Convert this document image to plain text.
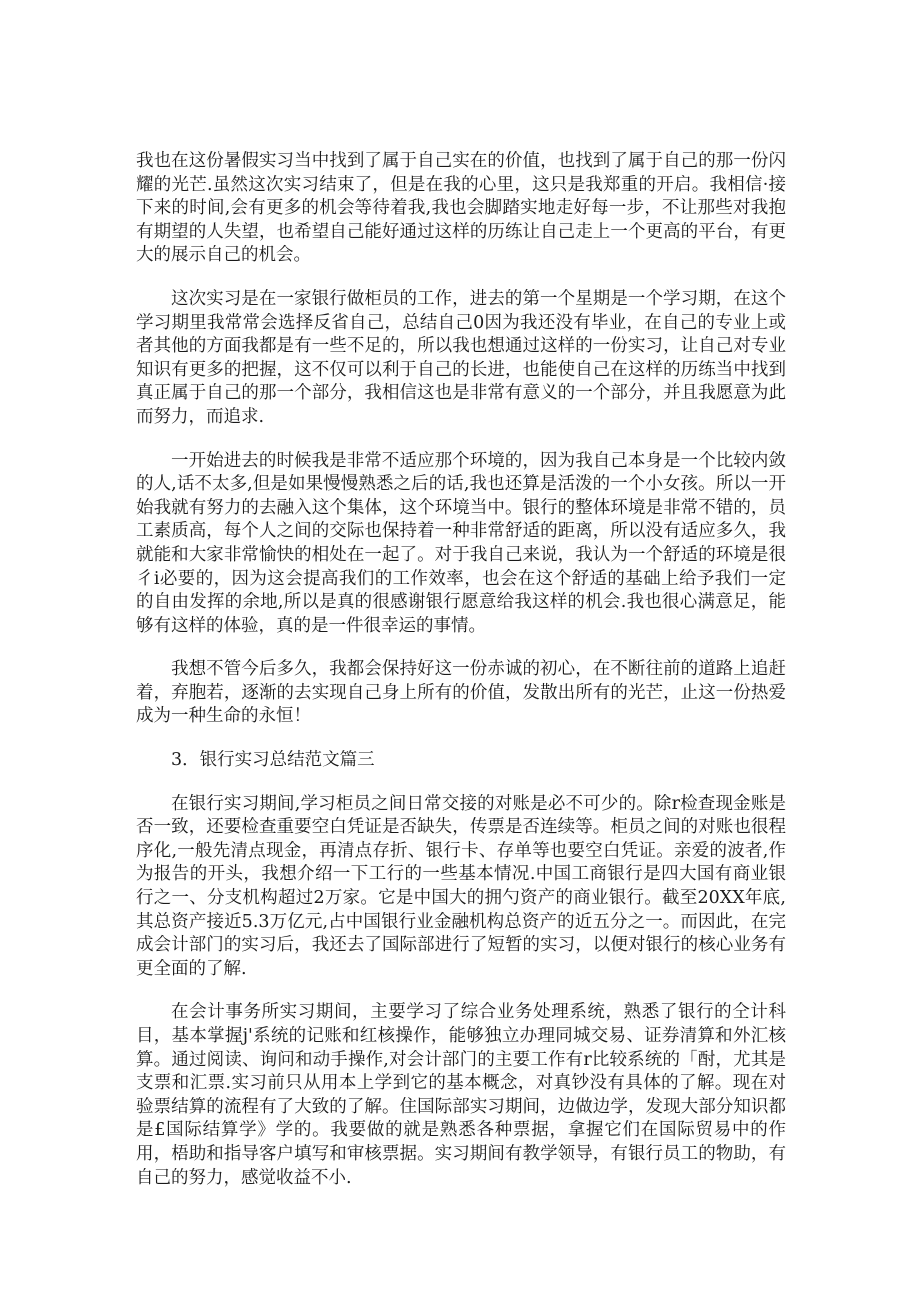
我也在这份暑假实习当中找到了属于自己实在的价值，也找到了属于自己的那一份闪耀的光芒.虽然这次实习结束了，但是在我的心里，这只是我郑重的开启。我相信·接下来的时间,会有更多的机会等待着我,我也会脚踏实地走好每一步，不让那些对我抱有期望的人失望，也希望自己能好通过这样的历练让自己走上一个更高的平台，有更大的展示自己的机会。

这次实习是在一家银行做柜员的工作，进去的第一个星期是一个学习期，在这个学习期里我常常会选择反省自己，总结自己0因为我还没有毕业，在自己的专业上或者其他的方面我都是有一些不足的，所以我也想通过这样的一份实习，让自己对专业知识有更多的把握，这不仅可以利于自己的长进，也能使自己在这样的历练当中找到真正属于自己的那一个部分，我相信这也是非常有意义的一个部分，并且我愿意为此而努力，而追求.

一开始进去的时候我是非常不适应那个环境的，因为我自己本身是一个比较内敛的人,话不太多,但是如果慢慢熟悉之后的话,我也还算是活泼的一个小女孩。所以一开始我就有努力的去融入这个集体，这个环境当中。银行的整体环境是非常不错的，员工素质高，每个人之间的交际也保持着一种非常舒适的距离，所以没有适应多久，我就能和大家非常愉快的相处在一起了。对于我自己来说，我认为一个舒适的环境是很彳i必要的，因为这会提高我们的工作效率，也会在这个舒适的基础上给予我们一定的自由发挥的余地,所以是真的很感谢银行愿意给我这样的机会.我也很心满意足，能够有这样的体验，真的是一件很幸运的事情。

我想不管今后多久，我都会保持好这一份赤诚的初心，在不断往前的道路上追赶着，弃胞若，逐渐的去实现自己身上所有的价值，发散出所有的光芒，止这一份热爱成为一种生命的永恒！

3．银行实习总结范文篇三

在银行实习期间,学习柜员之间日常交接的对账是必不可少的。除r检查现金账是否一致，还要检查重要空白凭证是否缺失，传票是否连续等。柜员之间的对账也很程序化,一般先清点现金，再清点存折、银行卡、存单等也要空白凭证。亲爱的波者,作为报告的开头，我想介绍一下工行的一些基本情况.中国工商银行是四大国有商业银行之一、分支机构超过2万家。它是中国大的拥勺资产的商业银行。截至20XX年底,其总资产接近5.3万亿元,占中国银行业金融机构总资产的近五分之一。而因此，在完成会计部门的实习后，我还去了国际部进行了短暂的实习，以便对银行的核心业务有更全面的了解.

在会计事务所实习期间，主要学习了综合业务处理系统，熟悉了银行的仝计科目，基本掌握j'系统的记账和红核操作，能够独立办理同城交易、证券清算和外汇核算。通过阅读、询问和动手操作,对会计部门的主要工作有r比较系统的「酎，尤其是支票和汇票.实习前只从用本上学到它的基本概念，对真钞没有具体的了解。现在对验票结算的流程有了大致的了解。住国际部实习期间，边做边学，发现大部分知识都是£国际结算学》学的。我要做的就是熟悉各种票据，拿握它们在国际贸易中的作用，梧助和指导客户填写和审核票据。实习期间有教学领导，有银行员工的物助，有自己的努力，感觉收益不小.
